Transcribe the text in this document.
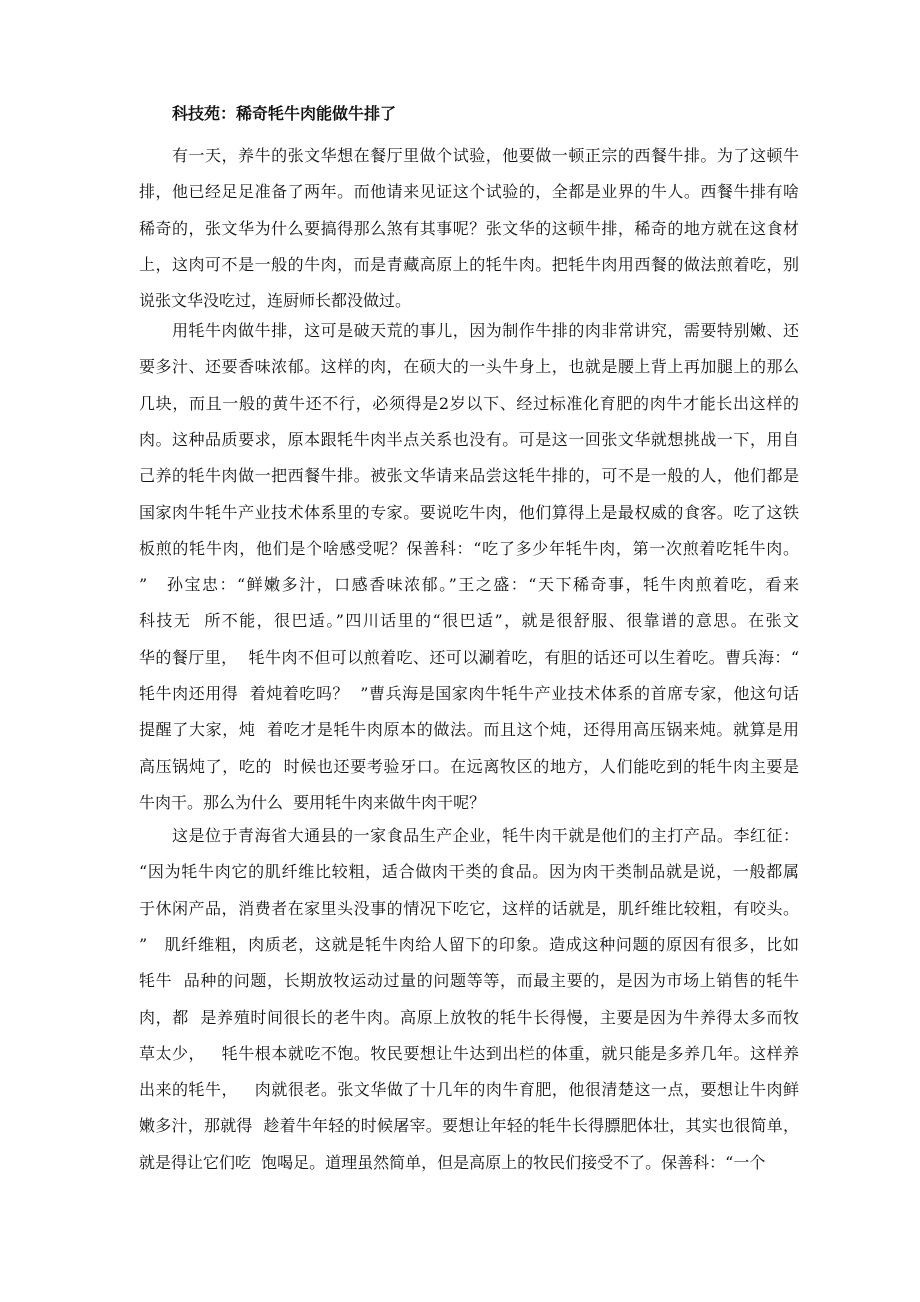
科技苑：稀奇牦牛肉能做牛排了
有一天，养牛的张文华想在餐厅里做个试验，他要做一顿正宗的西餐牛排。为了这顿牛
排，他已经足足准备了两年。而他请来见证这个试验的，全都是业界的牛人。西餐牛排有啥
稀奇的，张文华为什么要搞得那么煞有其事呢？张文华的这顿牛排，稀奇的地方就在这食材
上，这肉可不是一般的牛肉，而是青藏高原上的牦牛肉。把牦牛肉用西餐的做法煎着吃，别
说张文华没吃过，连厨师长都没做过。
用牦牛肉做牛排，这可是破天荒的事儿，因为制作牛排的肉非常讲究，需要特别嫩、还
要多汁、还要香味浓郁。这样的肉，在硕大的一头牛身上，也就是腰上背上再加腿上的那么
几块，而且一般的黄牛还不行，必须得是2岁以下、经过标准化育肥的肉牛才能长出这样的
肉。这种品质要求，原本跟牦牛肉半点关系也没有。可是这一回张文华就想挑战一下，用自
己养的牦牛肉做一把西餐牛排。被张文华请来品尝这牦牛排的，可不是一般的人，他们都是
国家肉牛牦牛产业技术体系里的专家。要说吃牛肉，他们算得上是最权威的食客。吃了这铁
板煎的牦牛肉，他们是个啥感受呢？保善科：“吃了多少年牦牛肉，第一次煎着吃牦牛肉。
”   孙宝忠：“鲜嫩多汁，口感香味浓郁。”王之盛：“天下稀奇事，牦牛肉煎着吃，看来
科技无  所不能，很巴适。”四川话里的“很巴适”，就是很舒服、很靠谱的意思。在张文
华的餐厅里，  牦牛肉不但可以煎着吃、还可以涮着吃，有胆的话还可以生着吃。曹兵海：“
牦牛肉还用得  着炖着吃吗？  ”曹兵海是国家肉牛牦牛产业技术体系的首席专家，他这句话
提醒了大家，炖  着吃才是牦牛肉原本的做法。而且这个炖，还得用高压锅来炖。就算是用
高压锅炖了，吃的  时候也还要考验牙口。在远离牧区的地方，人们能吃到的牦牛肉主要是
牛肉干。那么为什么  要用牦牛肉来做牛肉干呢？
这是位于青海省大通县的一家食品生产企业，牦牛肉干就是他们的主打产品。李红征：
“因为牦牛肉它的肌纤维比较粗，适合做肉干类的食品。因为肉干类制品就是说，一般都属
于休闲产品，消费者在家里头没事的情况下吃它，这样的话就是，肌纤维比较粗，有咬头。
”   肌纤维粗，肉质老，这就是牦牛肉给人留下的印象。造成这种问题的原因有很多，比如
牦牛  品种的问题，长期放牧运动过量的问题等等，而最主要的，是因为市场上销售的牦牛
肉，都  是养殖时间很长的老牛肉。高原上放牧的牦牛长得慢，主要是因为牛养得太多而牧
草太少，   牦牛根本就吃不饱。牧民要想让牛达到出栏的体重，就只能是多养几年。这样养
出来的牦牛，   肉就很老。张文华做了十几年的肉牛育肥，他很清楚这一点，要想让牛肉鲜
嫩多汁，那就得  趁着牛年轻的时候屠宰。要想让年轻的牦牛长得膘肥体壮，其实也很简单，
就是得让它们吃  饱喝足。道理虽然简单，但是高原上的牧民们接受不了。保善科：“一个
